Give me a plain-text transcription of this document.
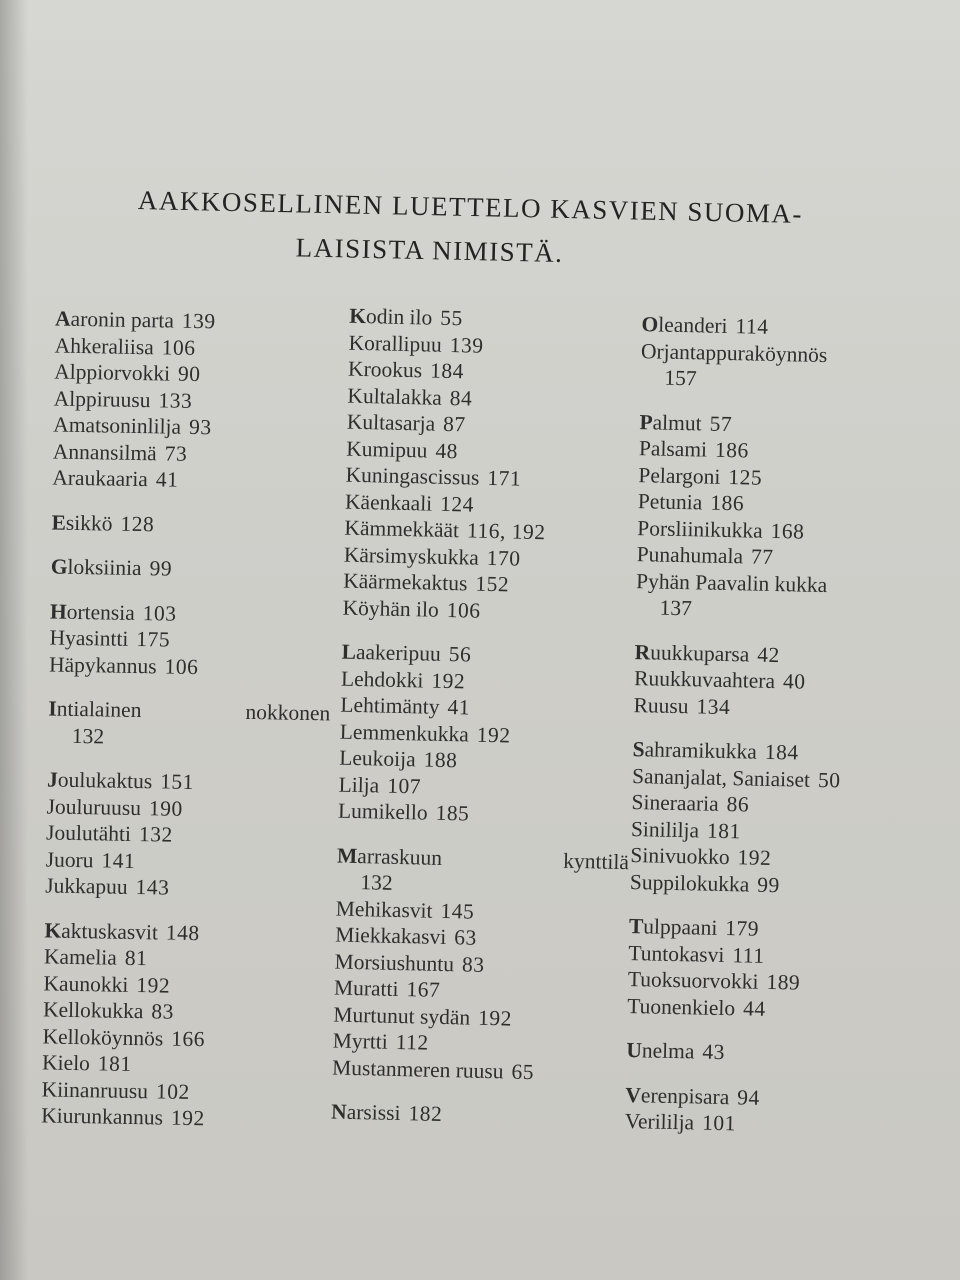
AAKKOSELLINEN LUETTELO KASVIEN SUOMA-
LAISISTA NIMISTÄ.
Aaronin parta 139
Ahkeraliisa 106
Alppiorvokki 90
Alppiruusu 133
Amatsoninlilja 93
Annansilmä 73
Araukaaria 41
Esikkö 128
Gloksiinia 99
Hortensia 103
Hyasintti 175
Häpykannus 106
Intialainen	nokkonen
132
Joulukaktus 151
Jouluruusu 190
Joulutähti 132
Juoru 141
Jukkapuu 143
Kaktuskasvit 148
Kamelia 81
Kaunokki 192
Kellokukka 83
Kelloköynnös 166
Kielo 181
Kiinanruusu 102
Kiurunkannus 192
Kodin ilo 55
Korallipuu 139
Krookus 184
Kultalakka 84
Kultasarja 87
Kumipuu 48
Kuningascissus 171
Käenkaali 124
Kämmekkäät 116, 192
Kärsimyskukka 170
Käärmekaktus 152
Köyhän ilo 106
Laakeripuu 56
Lehdokki 192
Lehtimänty 41
Lemmenkukka 192
Leukoija 188
Lilja 107
Lumikello 185
Marraskuun	kynttilä
132
Mehikasvit 145
Miekkakasvi 63
Morsiushuntu 83
Muratti 167
Murtunut sydän 192
Myrtti 112
Mustanmeren ruusu 65
Narsissi 182
Oleanderi 114
Orjantappuraköynnös
157
Palmut 57
Palsami 186
Pelargoni 125
Petunia 186
Porsliinikukka 168
Punahumala 77
Pyhän Paavalin kukka
137
Ruukkuparsa 42
Ruukkuvaahtera 40
Ruusu 134
Sahramikukka 184
Sananjalat, Saniaiset 50
Sineraaria 86
Sinililja 181
Sinivuokko 192
Suppilokukka 99
Tulppaani 179
Tuntokasvi 111
Tuoksuorvokki 189
Tuonenkielo 44
Unelma 43
Verenpisara 94
Verililja 101
